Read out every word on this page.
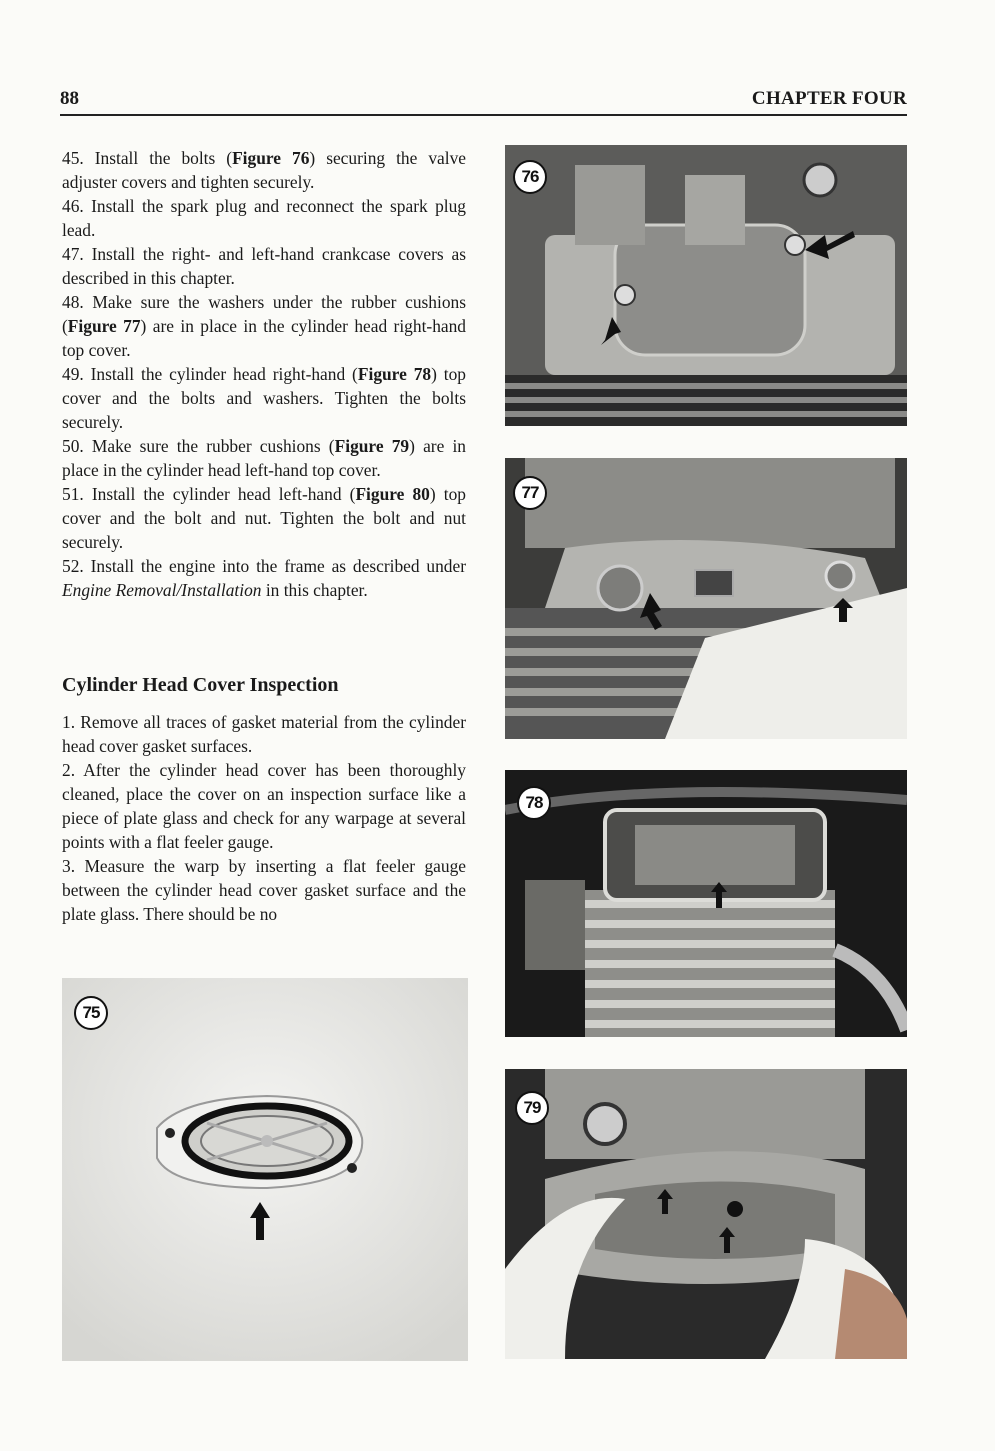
88	CHAPTER FOUR

45. Install the bolts (Figure 76) securing the valve adjuster covers and tighten securely.

46. Install the spark plug and reconnect the spark plug lead.

47. Install the right- and left-hand crankcase covers as described in this chapter.

48. Make sure the washers under the rubber cushions (Figure 77) are in place in the cylinder head right-hand top cover.

49. Install the cylinder head right-hand (Figure 78) top cover and the bolts and washers. Tighten the bolts securely.

50. Make sure the rubber cushions (Figure 79) are in place in the cylinder head left-hand top cover.

51. Install the cylinder head left-hand (Figure 80) top cover and the bolt and nut. Tighten the bolt and nut securely.

52. Install the engine into the frame as described under Engine Removal/Installation in this chapter.

Cylinder Head Cover Inspection

1. Remove all traces of gasket material from the cylinder head cover gasket surfaces.

2. After the cylinder head cover has been thoroughly cleaned, place the cover on an inspection surface like a piece of plate glass and check for any warpage at several points with a flat feeler gauge.

3. Measure the warp by inserting a flat feeler gauge between the cylinder head cover gasket surface and the plate glass. There should be no

75
76
77
78
79
